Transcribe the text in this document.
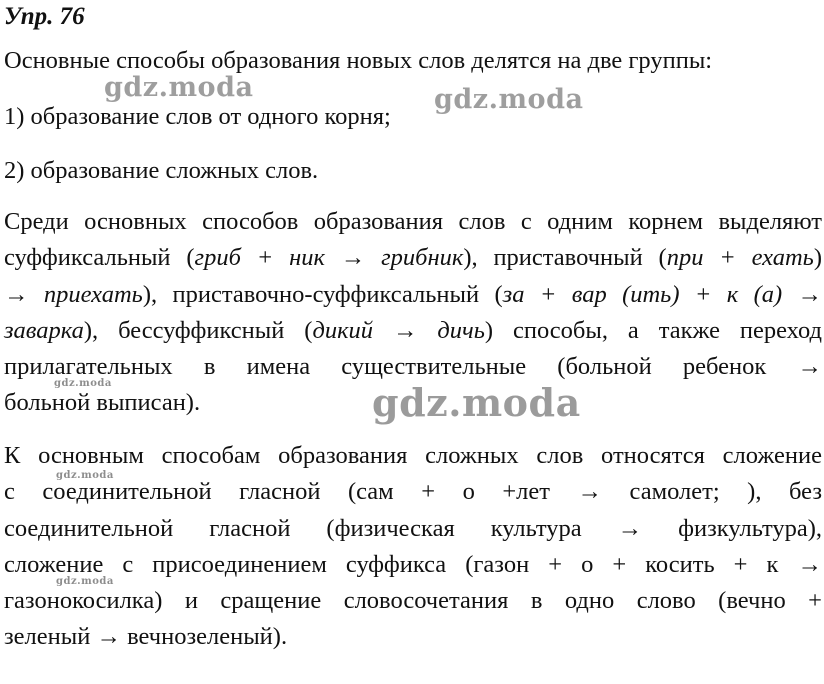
Упр. 76
Основные способы образования новых слов делятся на две группы:
1) образование слов от одного корня;
2) образование сложных слов.
Среди основных способов образования слов с одним корнем выделяют
суффиксальный (гриб + ник → грибник), приставочный (при + ехать)
→ приехать), приставочно-суффиксальный (за + вар (ить) + к (а) →
заварка), бессуффиксный (дикий → дичь) способы, а также переход
прилагательных в имена существительные (больной ребенок →
больной выписан).
К основным способам образования сложных слов относятся сложение
с соединительной гласной (сам + о +лет → самолет; ), без
соединительной гласной (физическая культура → физкультура),
сложение с присоединением суффикса (газон + о + косить + к →
газонокосилка) и сращение словосочетания в одно слово (вечно +
зеленый → вечнозеленый).
gdz.moda	gdz.moda
gdz.moda
gdz.moda
gdz.moda
gdz.moda
